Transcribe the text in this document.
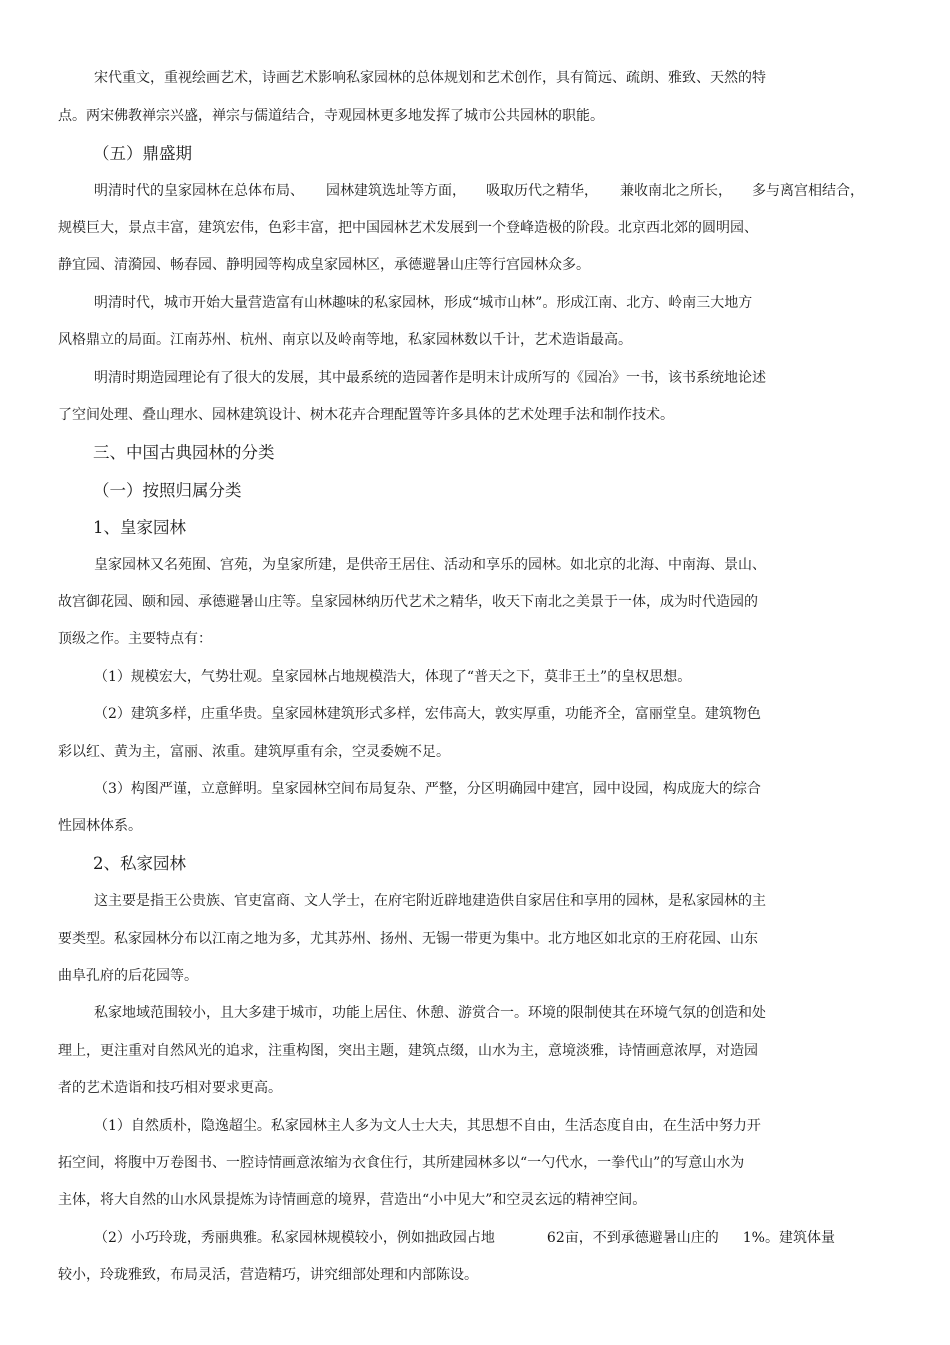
宋代重文，重视绘画艺术，诗画艺术影响私家园林的总体规划和艺术创作，具有简远、疏朗、雅致、天然的特

点。两宋佛教禅宗兴盛，禅宗与儒道结合，寺观园林更多地发挥了城市公共园林的职能。

（五）鼎盛期

明清时代的皇家园林在总体布局、 园林建筑选址等方面， 吸取历代之精华， 兼收南北之所长， 多与离宫相结合，

规模巨大，景点丰富，建筑宏伟，色彩丰富，把中国园林艺术发展到一个登峰造极的阶段。北京西北郊的圆明园、

静宜园、清漪园、畅春园、静明园等构成皇家园林区，承德避暑山庄等行宫园林众多。

明清时代，城市开始大量营造富有山林趣味的私家园林，形成“城市山林”。形成江南、北方、岭南三大地方

风格鼎立的局面。江南苏州、杭州、南京以及岭南等地，私家园林数以千计，艺术造诣最高。

明清时期造园理论有了很大的发展，其中最系统的造园著作是明末计成所写的《园冶》一书，该书系统地论述

了空间处理、叠山理水、园林建筑设计、树木花卉合理配置等许多具体的艺术处理手法和制作技术。

三、中国古典园林的分类

（一）按照归属分类

1、皇家园林

皇家园林又名苑囿、宫苑，为皇家所建，是供帝王居住、活动和享乐的园林。如北京的北海、中南海、景山、

故宫御花园、颐和园、承德避暑山庄等。皇家园林纳历代艺术之精华，收天下南北之美景于一体，成为时代造园的

顶级之作。主要特点有：

（1）规模宏大，气势壮观。皇家园林占地规模浩大，体现了“普天之下，莫非王土”的皇权思想。

（2）建筑多样，庄重华贵。皇家园林建筑形式多样，宏伟高大，敦实厚重，功能齐全，富丽堂皇。建筑物色

彩以红、黄为主，富丽、浓重。建筑厚重有余，空灵委婉不足。

（3）构图严谨，立意鲜明。皇家园林空间布局复杂、严整，分区明确园中建宫，园中设园，构成庞大的综合

性园林体系。

2、私家园林

这主要是指王公贵族、官吏富商、文人学士，在府宅附近辟地建造供自家居住和享用的园林，是私家园林的主

要类型。私家园林分布以江南之地为多，尤其苏州、扬州、无锡一带更为集中。北方地区如北京的王府花园、山东

曲阜孔府的后花园等。

私家地域范围较小，且大多建于城市，功能上居住、休憩、游赏合一。环境的限制使其在环境气氛的创造和处

理上，更注重对自然风光的追求，注重构图，突出主题，建筑点缀，山水为主，意境淡雅，诗情画意浓厚，对造园

者的艺术造诣和技巧相对要求更高。

（1）自然质朴，隐逸超尘。私家园林主人多为文人士大夫，其思想不自由，生活态度自由，在生活中努力开

拓空间，将腹中万卷图书、一腔诗情画意浓缩为衣食住行，其所建园林多以“一勺代水，一拳代山”的写意山水为

主体，将大自然的山水风景提炼为诗情画意的境界，营造出“小中见大”和空灵玄远的精神空间。

（2）小巧玲珑，秀丽典雅。私家园林规模较小，例如拙政园占地	62亩，不到承德避暑山庄的 1%。建筑体量

较小，玲珑雅致，布局灵活，营造精巧，讲究细部处理和内部陈设。
